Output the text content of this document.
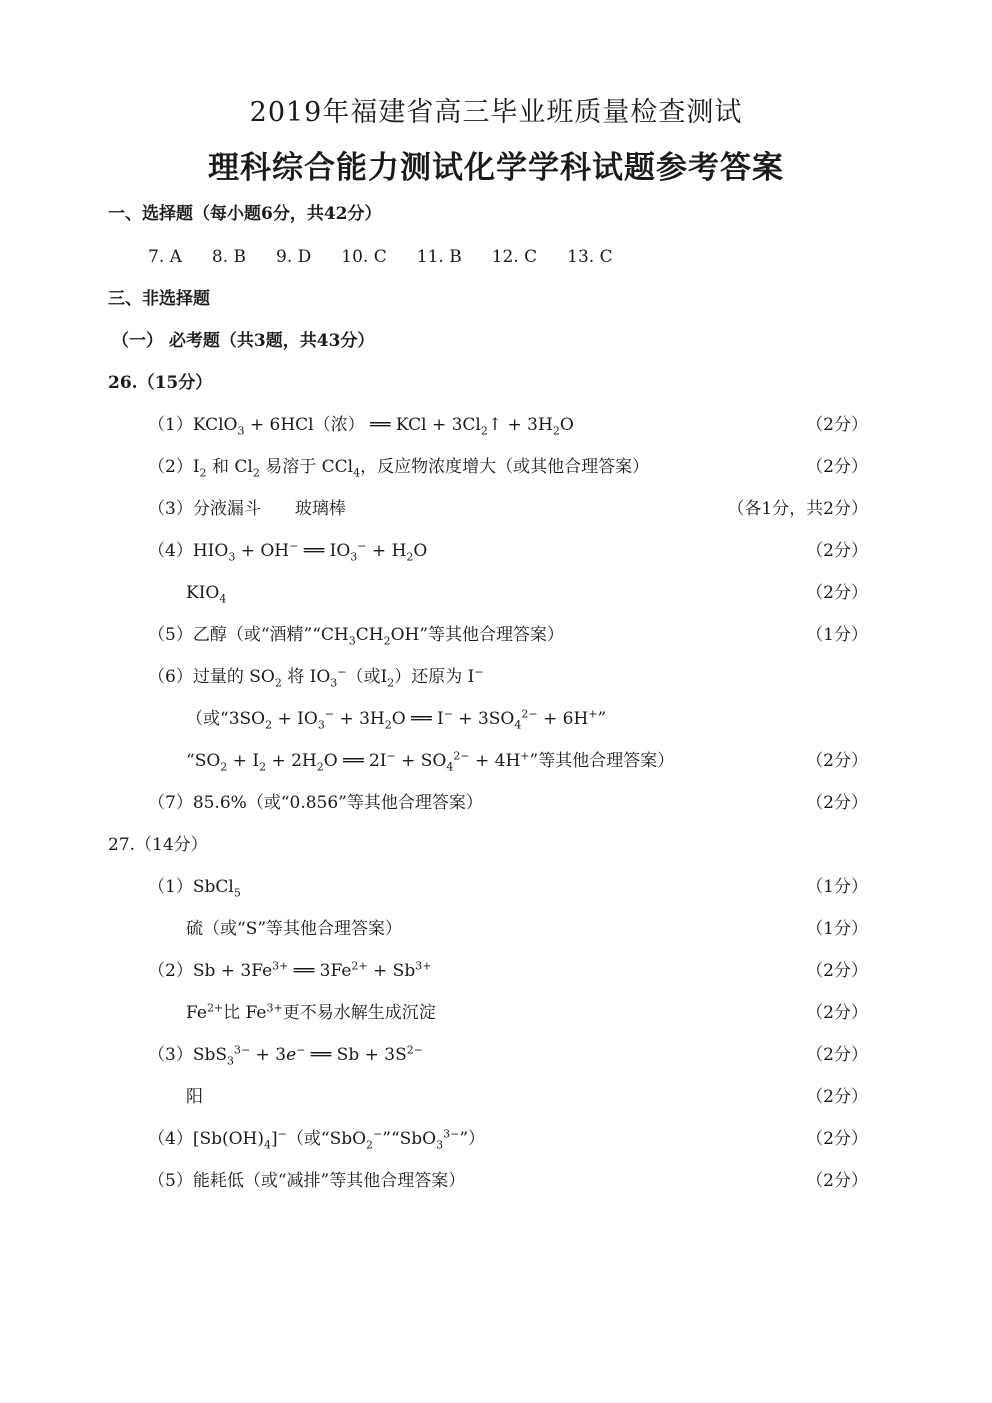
2019年福建省高三毕业班质量检查测试
理科综合能力测试化学学科试题参考答案
一、选择题（每小题6分，共42分）
7. A 8. B 9. D 10. C 11. B 12. C 13. C
三、非选择题
（一） 必考题（共3题，共43分）
26.（15分）
（1）KClO$_3$ + 6HCl（浓） ══ KCl + $3Cl_2↑ + 3H_2O$	（2分）
$(2)I_2$ 和 $Cl_2$ 易溶于 CCl$_4$，反应物浓度增大（或其他合理答案）	（2分）
（3）分液漏斗　　玻璃棒	（各1分，共2分）
$(4)HIO_3 + OH^-$ ══ $IO_3^- + H_2O$	（2分）
$KIO_4$	（2分）
（5）乙醇（或“酒精$”“CH_3CH_2OH$”等其他合理答案）	（1分）
（6）过量的 $SO_2$ 将 $IO_3^-$（或$I_2$）还原为 I−
（或“$3SO_2 + IO_3^- + 3H_2O$ ══ $I^- + 3SO_4^{2-} + 6H^+$”
“$SO_2 + I_2 + 2H_2O$ ══ $2I^- + SO_4^{2-} + 4H^+$”等其他合理答案）	（2分）
（7）85.6%（或“0.856”等其他合理答案）	（2分）
27.（14分）
（1）SbCl$_5$	（1分）
硫（或“S”等其他合理答案）	（1分）
$(2)Sb + 3Fe^{3+}$ ══ $3Fe^{2+} + Sb^{3+}$	（2分）
$Fe^{2+}$比 $Fe^{3+}$更不易水解生成沉淀	（2分）
（3）SbS$_3^{3-}$ + 3e− ══ $Sb + 3S^{2-}$	（2分）
阳	（2分）
$(4)[Sb(OH)_4]^-$（或“SbO$_2$−”“SbO$_3^{3-}$”）	（2分）
（5）能耗低（或“减排”等其他合理答案）	（2分）
